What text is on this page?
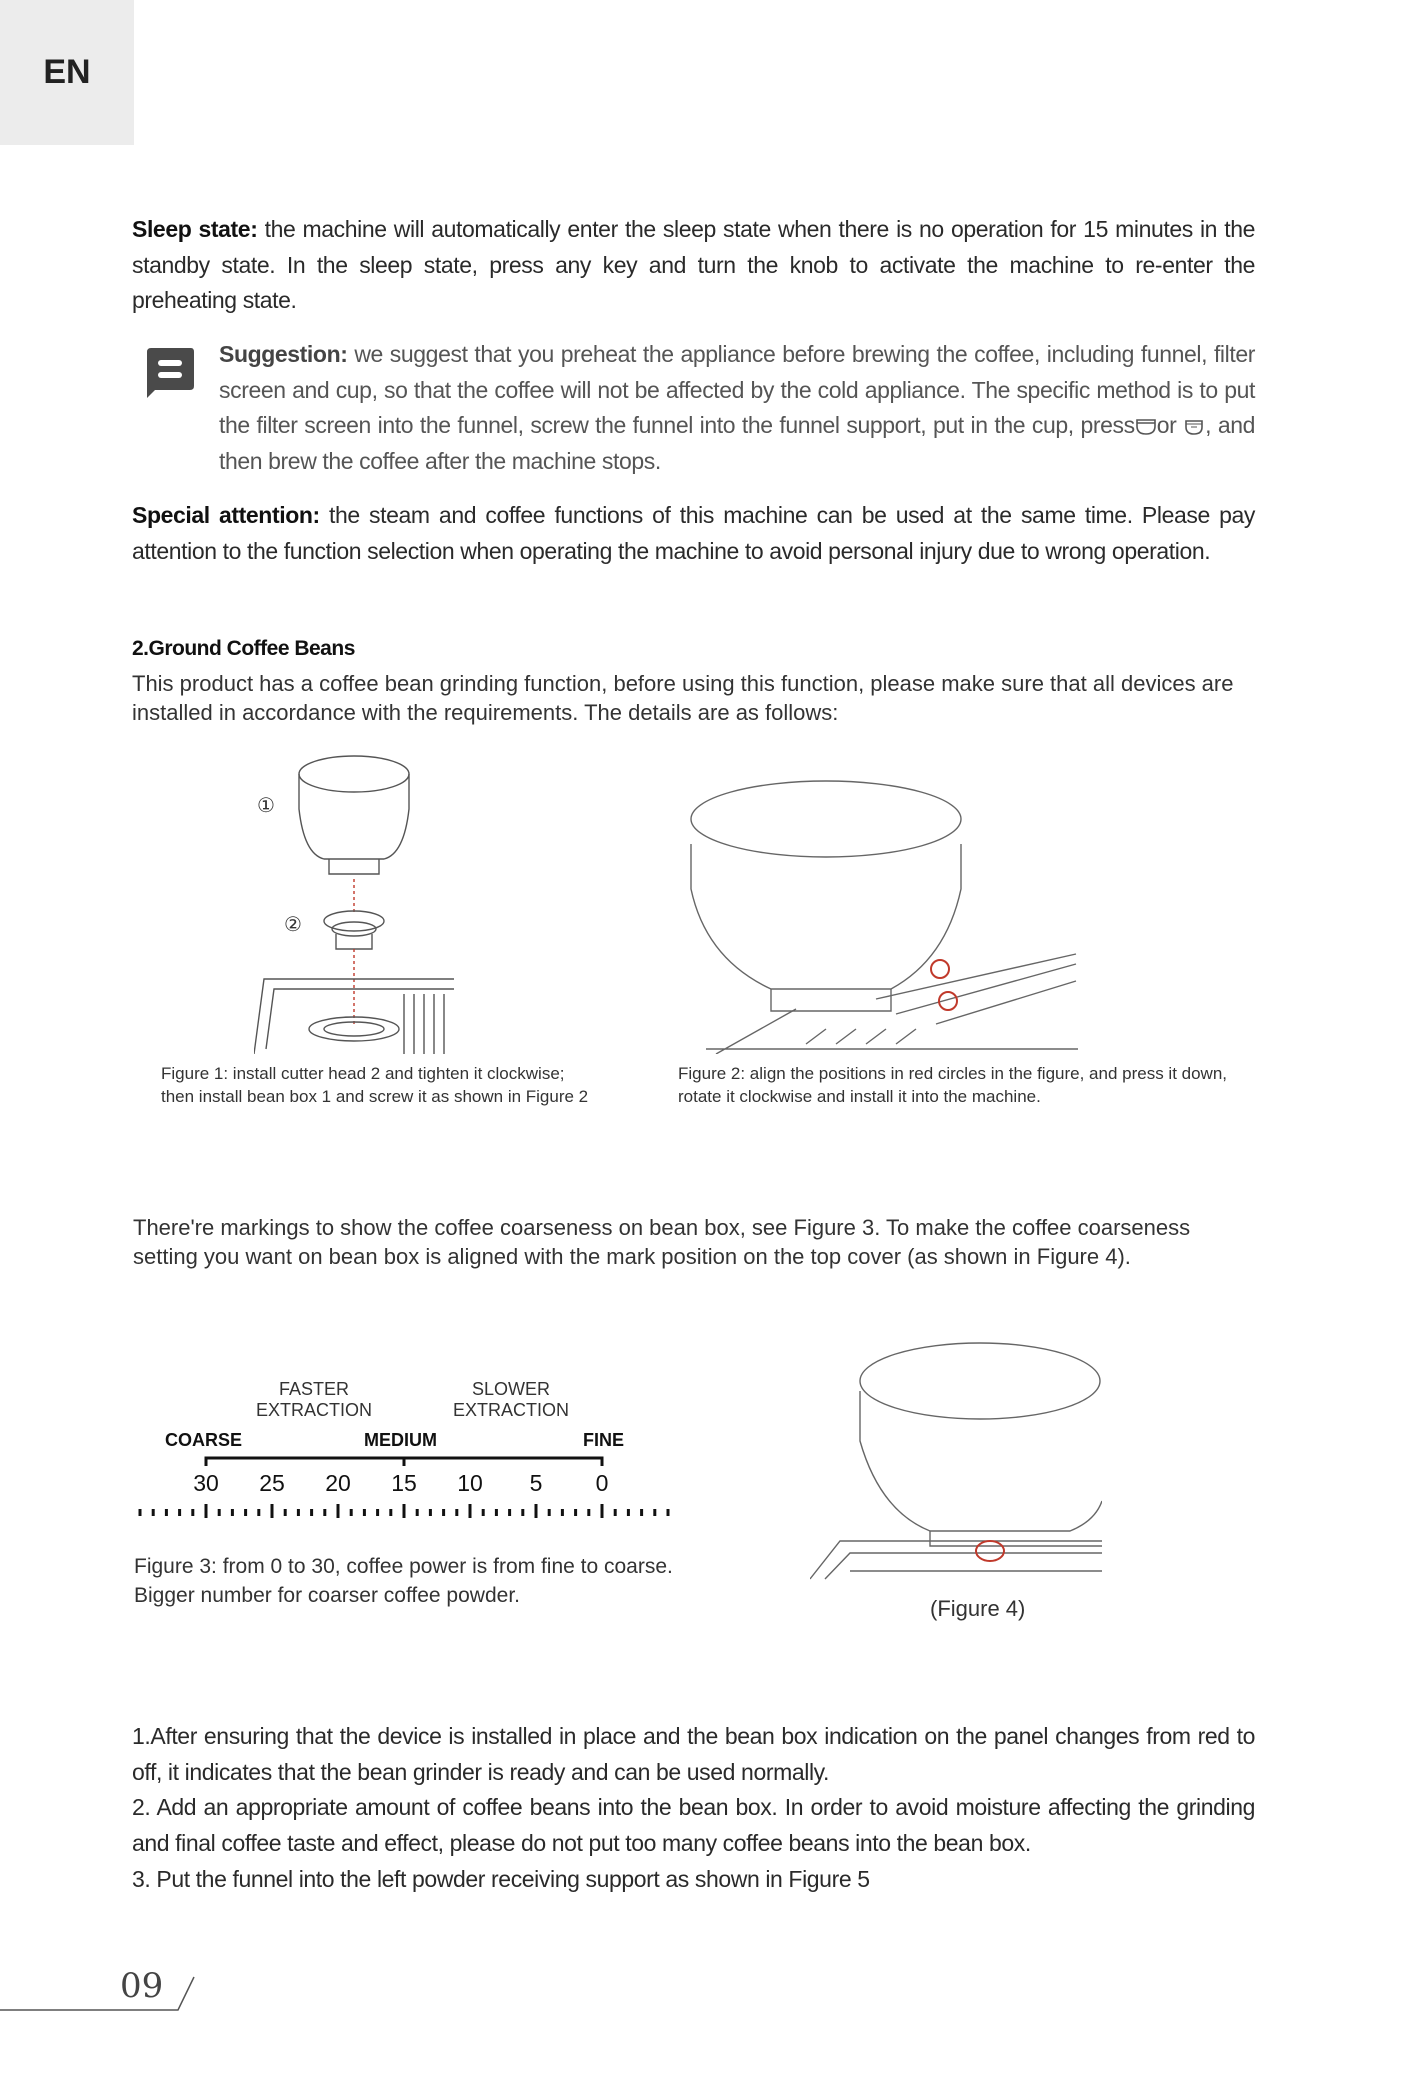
EN
Sleep state: the machine will automatically enter the sleep state when there is no operation for 15 minutes in the standby state. In the sleep state, press any key and turn the knob to activate the machine to re-enter the preheating state.
Suggestion: we suggest that you preheat the appliance before brewing the coffee, including funnel, filter screen and cup, so that the coffee will not be affected by the cold appliance. The specific method is to put the filter screen into the funnel, screw the funnel into the funnel support, put in the cup, press or , and then brew the coffee after the machine stops.
Special attention: the steam and coffee functions of this machine can be used at the same time. Please pay attention to the function selection when operating the machine to avoid personal injury due to wrong operation.
2.Ground Coffee Beans
This product has a coffee bean grinding function, before using this function, please make sure that all devices are installed in accordance with the requirements. The details are as follows:
①
②
Figure 1: install cutter head 2 and tighten it clockwise; then install bean box 1 and screw it as shown in Figure 2
Figure 2: align the positions in red circles in the figure, and press it down, rotate it clockwise and install it into the machine.
There're markings to show the coffee coarseness on bean box, see Figure 3. To make the coffee coarseness setting you want on bean box is aligned with the mark position on the top cover (as shown in Figure 4).
FASTER
EXTRACTION
SLOWER
EXTRACTION
COARSE	MEDIUM	FINE
30	25	20	15	10	5	0
Figure 3: from 0 to 30, coffee power is from fine to coarse. Bigger number for coarser coffee powder.
(Figure 4)
1.After ensuring that the device is installed in place and the bean box indication on the panel changes from red to off, it indicates that the bean grinder is ready and can be used normally.
2. Add an appropriate amount of coffee beans into the bean box. In order to avoid moisture affecting the grinding and final coffee taste and effect, please do not put too many coffee beans into the bean box.
3. Put the funnel into the left powder receiving support as shown in Figure 5
09
